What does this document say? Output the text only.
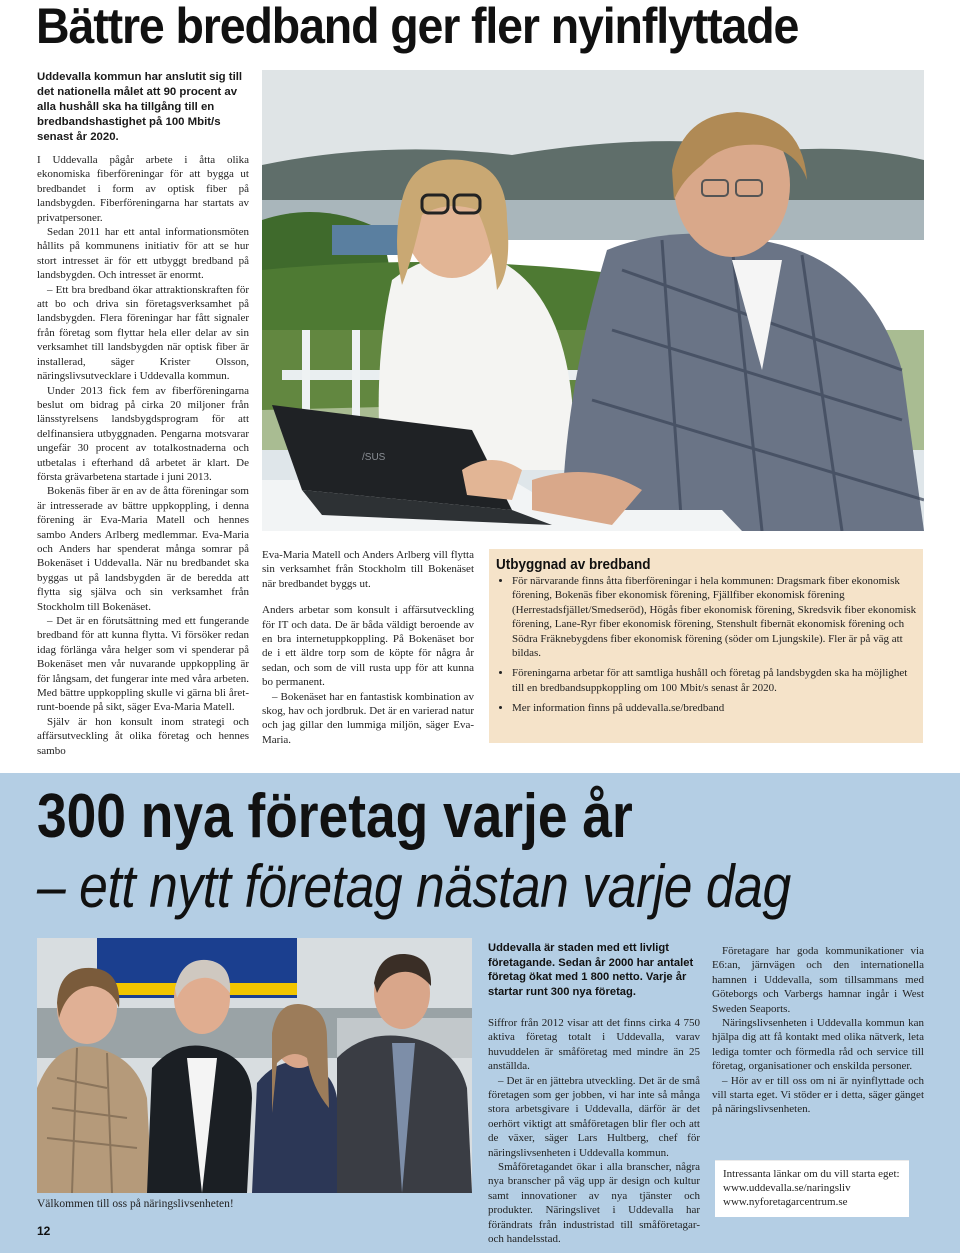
Bättre bredband ger fler nyinflyttade
Uddevalla kommun har anslutit sig till det nationella målet att 90 procent av alla hushåll ska ha tillgång till en bredbandshastighet på 100 Mbit/s senast år 2020.

I Uddevalla pågår arbete i åtta olika ekonomiska fiberföreningar för att bygga ut bredbandet i form av optisk fiber på landsbygden. Fiberföreningarna har startats av privatpersoner.

Sedan 2011 har ett antal informationsmöten hållits på kommunens initiativ för att se hur stort intresset är för ett utbyggt bredband på landsbygden. Och intresset är enormt.

– Ett bra bredband ökar attraktionskraften för att bo och driva sin företagsverksamhet på landsbygden. Flera föreningar har fått signaler från företag som flyttar hela eller delar av sin verksamhet till landsbygden när optisk fiber är installerad, säger Krister Olsson, näringslivsutvecklare i Uddevalla kommun.

Under 2013 fick fem av fiberföreningarna beslut om bidrag på cirka 20 miljoner från länsstyrelsens landsbygdsprogram för att delfinansiera utbyggnaden. Pengarna motsvarar ungefär 30 procent av totalkostnaderna och utbetalas i efterhand då arbetet är klart. De första grävarbetena startade i juni 2013.

Bokenäs fiber är en av de åtta föreningar som är intresserade av bättre uppkoppling, i denna förening är Eva-Maria Matell och hennes sambo Anders Arlberg medlemmar. Eva-Maria och Anders har spenderat många somrar på Bokenäset i Uddevalla. När nu bredbandet ska byggas ut på landsbygden är de beredda att flytta sig själva och sin verksamhet från Stockholm till Bokenäset.

– Det är en förutsättning med ett fungerande bredband för att kunna flytta. Vi försöker redan idag förlänga våra helger som vi spenderar på Bokenäset men vår nuvarande uppkoppling är för långsam, det fungerar inte med våra arbeten. Med bättre uppkoppling skulle vi gärna bli året-runt-boende på sikt, säger Eva-Maria Matell.

Själv är hon konsult inom strategi och affärsutveckling åt olika företag och hennes sambo

/SUS

Eva-Maria Matell och Anders Arlberg vill flytta sin verksamhet från Stockholm till Bokenäset när bredbandet byggs ut.

Anders arbetar som konsult i affärsutveckling för IT och data. De är båda väldigt beroende av en bra internetuppkoppling. På Bokenäset bor de i ett äldre torp som de köpte för några år sedan, och som de vill rusta upp för att kunna bo permanent.

– Bokenäset har en fantastisk kombination av skog, hav och jordbruk. Det är en varierad natur och jag gillar den lummiga miljön, säger Eva-Maria.

Utbyggnad av bredband
• För närvarande finns åtta fiberföreningar i hela kommunen: Dragsmark fiber ekonomisk förening, Bokenäs fiber ekonomisk förening, Fjällfiber ekonomisk förening (Herrestadsfjället/Smedseröd), Högås fiber ekonomisk förening, Skredsvik fiber ekonomisk förening, Lane-Ryr fiber ekonomisk förening, Stenshult fibernät ekonomisk förening och Södra Fräknebygdens fiber ekonomisk förening (söder om Ljungskile). Fler är på väg att bildas.
• Föreningarna arbetar för att samtliga hushåll och företag på landsbygden ska ha möjlighet till en bredbandsuppkoppling om 100 Mbit/s senast år 2020.
• Mer information finns på uddevalla.se/bredband
300 nya företag varje år
– ett nytt företag nästan varje dag
Välkommen till oss på näringslivsenheten!
12
Uddevalla är staden med ett livligt företagande. Sedan år 2000 har antalet företag ökat med 1 800 netto. Varje år startar runt 300 nya företag.

Siffror från 2012 visar att det finns cirka 4 750 aktiva företag totalt i Uddevalla, varav huvuddelen är småföretag med mindre än 25 anställda.

– Det är en jättebra utveckling. Det är de små företagen som ger jobben, vi har inte så många stora arbetsgivare i Uddevalla, därför är det oerhört viktigt att småföretagen blir fler och att de växer, säger Lars Hultberg, chef för näringslivsenheten i Uddevalla kommun.

Småföretagandet ökar i alla branscher, några nya branscher på väg upp är design och kultur samt innovationer av nya tjänster och produkter. Näringslivet i Uddevalla har förändrats från industristad till småföretagar- och handelsstad.

Företagare har goda kommunikationer via E6:an, järnvägen och den internationella hamnen i Uddevalla, som tillsammans med Göteborgs och Varbergs hamnar ingår i West Sweden Seaports.

Näringslivsenheten i Uddevalla kommun kan hjälpa dig att få kontakt med olika nätverk, leta lediga tomter och förmedla råd och service till företag, organisationer och enskilda personer.

– Hör av er till oss om ni är nyinflyttade och vill starta eget. Vi stöder er i detta, säger gänget på näringslivsenheten.

Intressanta länkar om du vill starta eget:
www.uddevalla.se/naringsliv
www.nyforetagarcentrum.se
